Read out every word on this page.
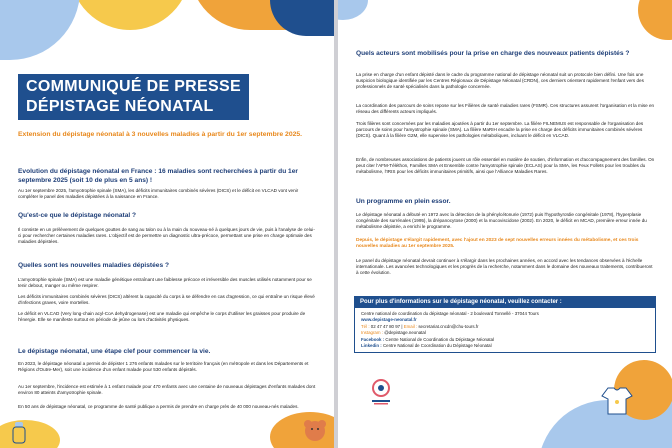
COMMUNIQUÉ DE PRESSE
DÉPISTAGE NÉONATAL
Extension du dépistage néonatal à 3 nouvelles maladies à partir du 1er septembre 2025.
Evolution du dépistage néonatal en France : 16 maladies sont recherchées à partir du 1er septembre 2025 (soit 10 de plus en 5 ans) !
Au 1er septembre 2025, l'amyotrophie spinale (SMA), les déficits immunitaires combinés sévères (DICS) et le déficit en VLCAD vont venir compléter le panel des maladies dépistées à la naissance en France.
Qu'est-ce que le dépistage néonatal ?
Il consiste en un prélèvement de quelques gouttes de sang au talon ou à la main du nouveau-né à quelques jours de vie, puis à l'analyse de celui-ci pour rechercher certaines maladies rares. L'objectif est de permettre un diagnostic ultra-précoce, permettant une prise en charge optimale des maladies dépistées.
Quelles sont les nouvelles maladies dépistées ?
L'amyotrophie spinale (SMA) est une maladie génétique entraînant une faiblesse précoce et irréversible des muscles utilisés notamment pour se tenir debout, manger ou même respirer.
Les déficits immunitaires combinés sévères (DICS) altèrent la capacité du corps à se défendre en cas d'agression, ce qui entraîne un risque élevé d'infections graves, voire mortelles.
Le déficit en VLCAD (Very long-chain acyl-CoA dehydrogenase) est une maladie qui empêche le corps d'utiliser les graisses pour produire de l'énergie. Elle se manifeste surtout en période de jeûne ou lors d'activités physiques.
Le dépistage néonatal, une étape clef pour commencer la vie.
En 2023, le dépistage néonatal a permis de dépister 1 276 enfants malades sur le territoire français (en métropole et dans les Départements et Régions d'Outre-Mer), soit une incidence d'un enfant malade pour 530 enfants dépistés.
Au 1er septembre, l'incidence est estimée à 1 enfant malade pour 470 enfants avec une centaine de nouveaux dépistages d'enfants malades dont environ 80 atteints d'amyotrophie spinale.
En 50 ans de dépistage néonatal, ce programme de santé publique a permis de prendre en charge près de 40 000 nouveau-nés malades.
Quels acteurs sont mobilisés pour la prise en charge des nouveaux patients dépistés ?
La prise en charge d'un enfant dépisté dans le cadre du programme national de dépistage néonatal suit un protocole bien défini. Une fois une suspicion biologique identifiée par les Centres Régionaux de Dépistage Néonatal (CRDN), ces derniers orientent rapidement l'enfant vers des professionnels de santé spécialisés dans la pathologie concernée.
La coordination des parcours de soins repose sur les Filières de santé maladies rares (FSMR). Ces structures assurent l'organisation et la mise en réseau des différents acteurs impliqués.
Trois filières sont concernées par les maladies ajoutées à partir du 1er septembre. La filière FILNEMUS est responsable de l'organisation des parcours de soins pour l'amyotrophie spinale (SMA). La filière MaRIH encadre la prise en charge des déficits immunitaires combinés sévères (DICS). Quant à la filière G2M, elle supervise les pathologies métaboliques, incluant le déficit en VLCAD.
Enfin, de nombreuses associations de patients jouent un rôle essentiel en matière de soutien, d'information et d'accompagnement des familles. On peut citer l'AFM-Téléthon, Familles SMA et Ensemble contre l'amyotrophie spinale (ECLAS) pour la SMA, les Feux Follets pour les troubles du métabolisme, l'IRIS pour les déficits immunitaires primitifs, ainsi que l'Alliance Maladies Rares.
Un programme en plein essor.
Le dépistage néonatal a débuté en 1972 avec la détection de la phénylcétonurie (1972) puis l'hypothyroïdie congénitale (1978), l'hyperplasie congénitale des surrénales (1995), la drépanocytose (2000) et la mucoviscidose (2002). En 2020, le déficit en MCAD, première erreur innée du métabolisme dépistée, a enrichi le programme.
Depuis, le dépistage s'élargit rapidement, avec l'ajout en 2023 de sept nouvelles erreurs innées du métabolisme, et ces trois nouvelles maladies au 1er septembre 2025.
Le panel du dépistage néonatal devrait continuer à s'élargir dans les prochaines années, en accord avec les tendances observées à l'échelle internationale. Les avancées technologiques et les progrès de la recherche, notamment dans le domaine des nouveaux traitements, contribueront à cette évolution.
Pour plus d'informations sur le dépistage néonatal, veuillez contacter :
Centre national de coordination du dépistage néonatal - 2 boulevard Tonnellé - 37044 Tours
www.depistage-neonatal.fr
Tél : 02 47 47 80 97 | Email : secretariat.cncdn@chu-tours.fr
Instagram : @depistage.neonatal
Facebook : Centre National de Coordination du Dépistage Néonatal
Linkedin : Centre National de Coordination du Dépistage Néonatal
